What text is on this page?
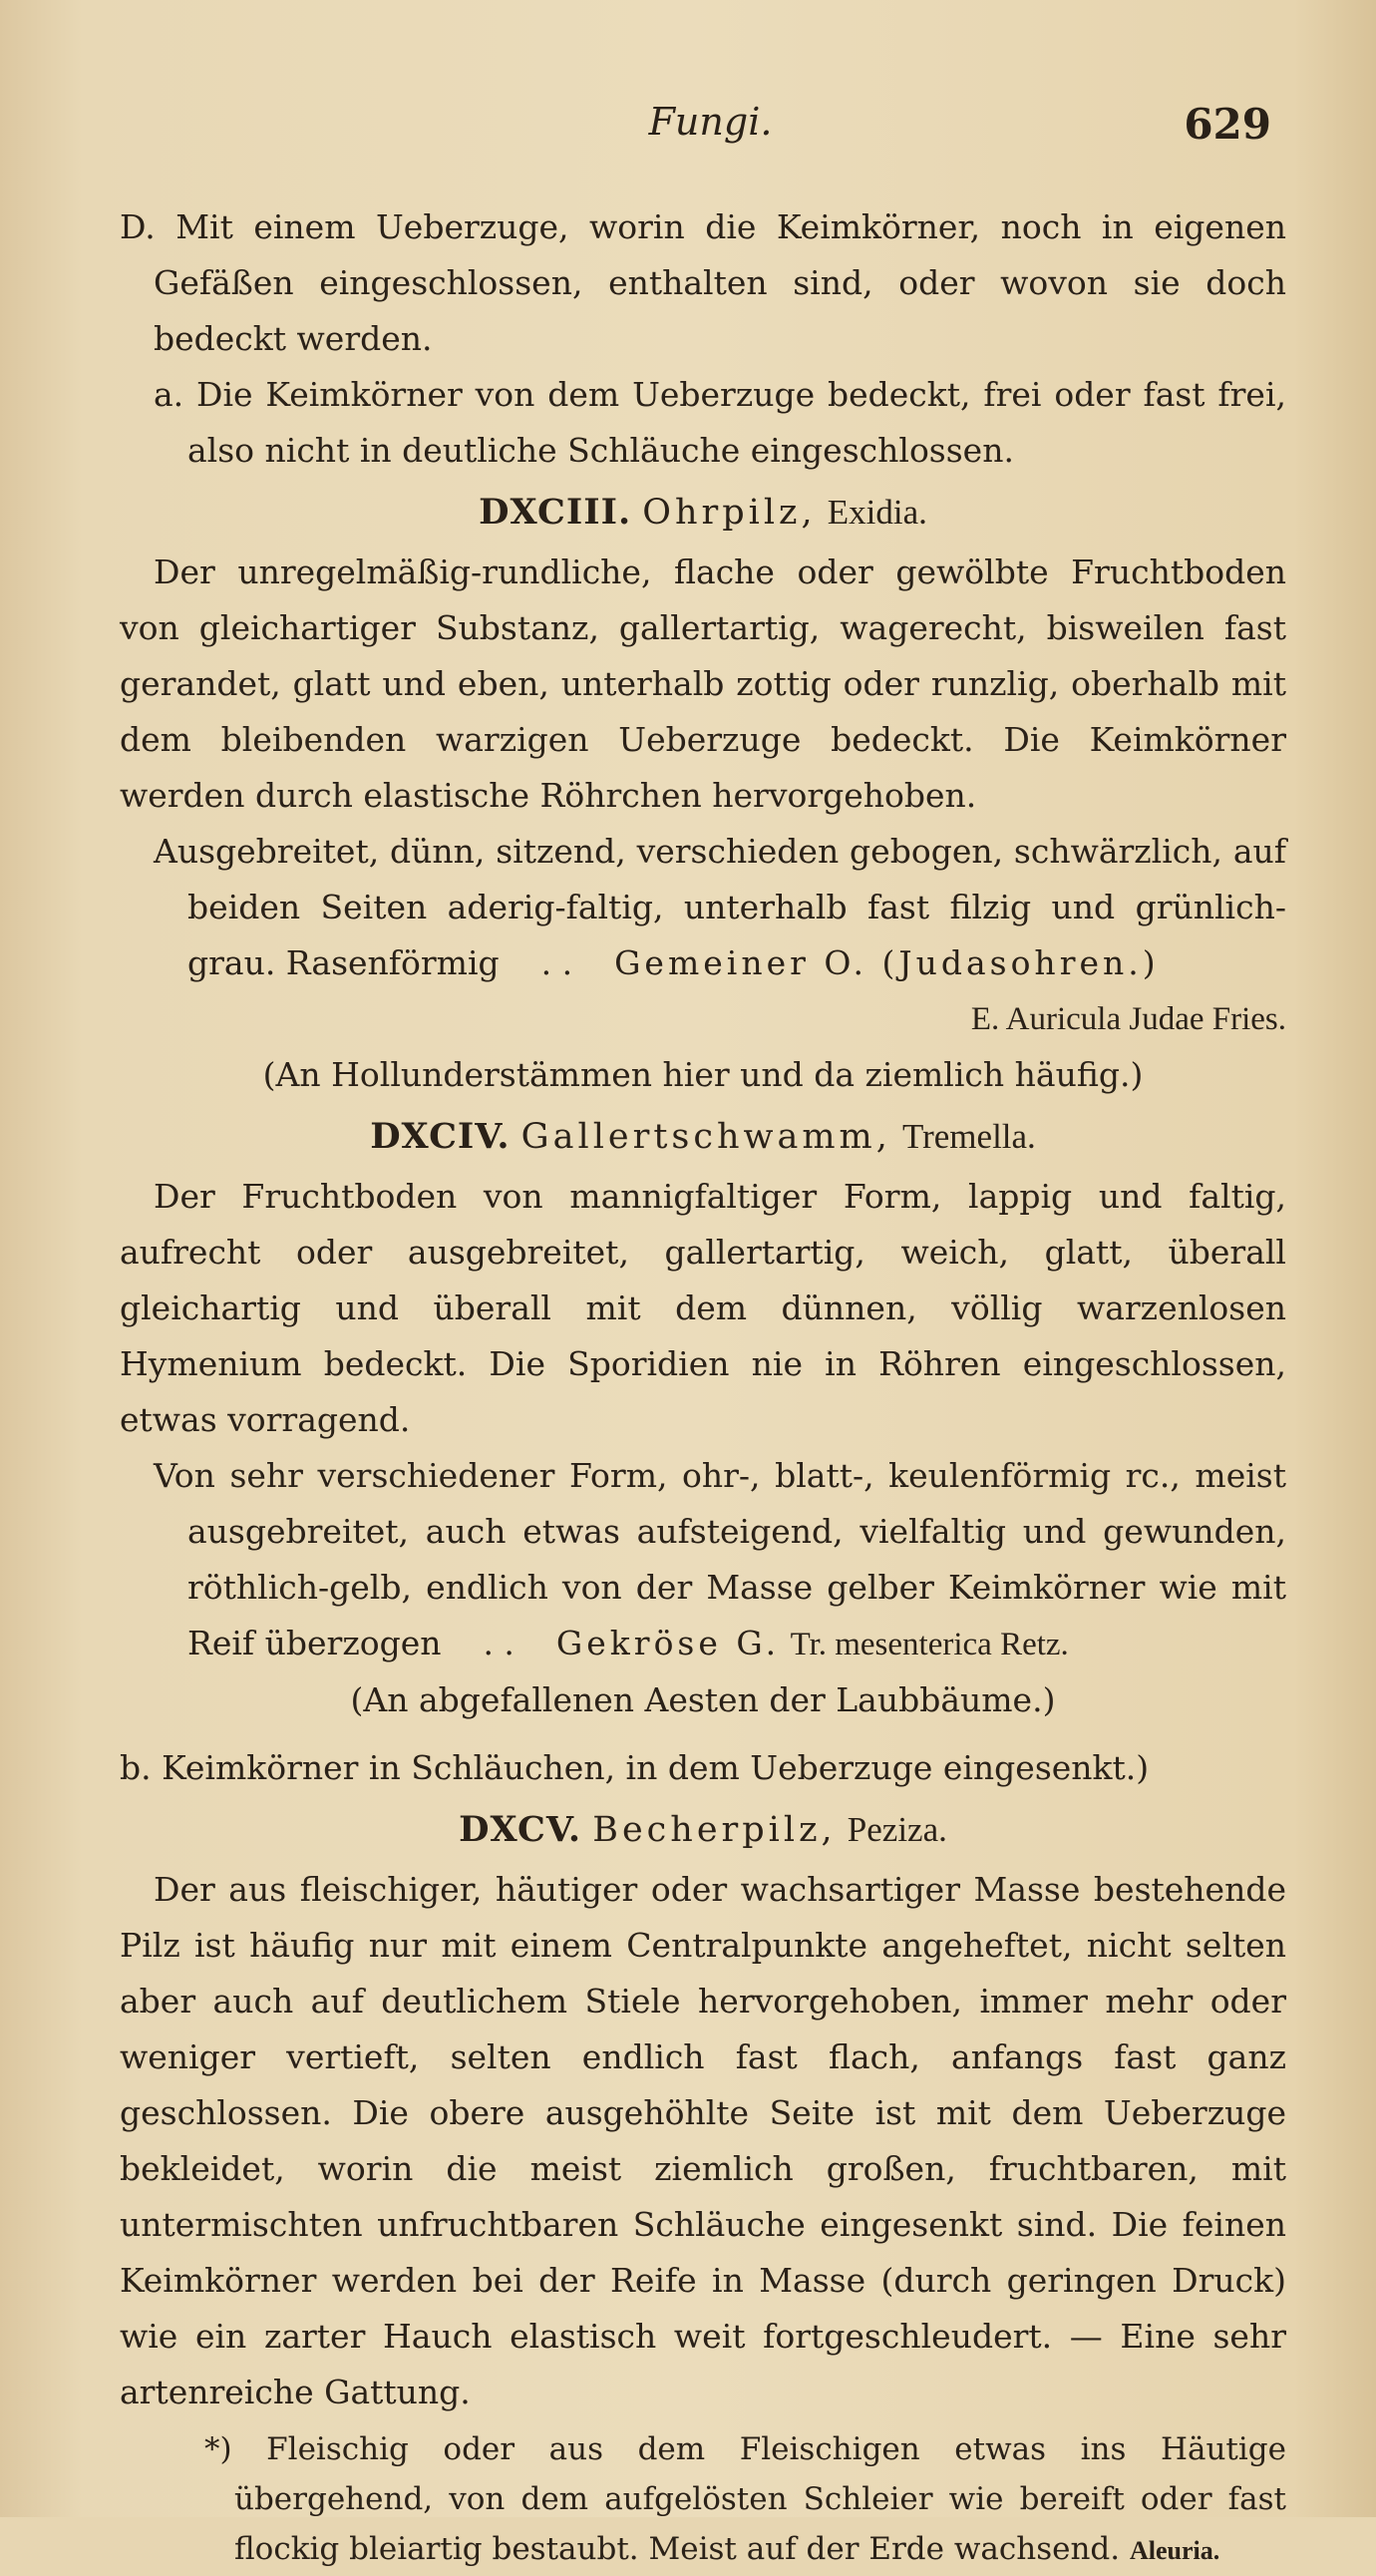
Fungi.	629

D. Mit einem Ueberzuge, worin die Keimkörner, noch in eigenen Gefäßen eingeschlossen, enthalten sind, oder wovon sie doch bedeckt werden.

a. Die Keimkörner von dem Ueberzuge bedeckt, frei oder fast frei, also nicht in deutliche Schläuche eingeschlossen.

DXCIII. Ohrpilz, Exidia.

Der unregelmäßig-rundliche, flache oder gewölbte Fruchtboden von gleichartiger Substanz, gallertartig, wagerecht, bisweilen fast gerandet, glatt und eben, unterhalb zottig oder runzlig, oberhalb mit dem bleibenden warzigen Ueberzuge bedeckt. Die Keimkörner werden durch elastische Röhrchen hervorgehoben.

Ausgebreitet, dünn, sitzend, verschieden gebogen, schwärzlich, auf beiden Seiten aderig-faltig, unterhalb fast filzig und grünlich-grau. Rasenförmig . . Gemeiner O. (Judasohren.)

E. Auricula Judae Fries.

(An Hollunderstämmen hier und da ziemlich häufig.)

DXCIV. Gallertschwamm, Tremella.

Der Fruchtboden von mannigfaltiger Form, lappig und faltig, aufrecht oder ausgebreitet, gallertartig, weich, glatt, überall gleichartig und überall mit dem dünnen, völlig warzenlosen Hymenium bedeckt. Die Sporidien nie in Röhren eingeschlossen, etwas vorragend.

Von sehr verschiedener Form, ohr-, blatt-, keulenförmig rc., meist ausgebreitet, auch etwas aufsteigend, vielfaltig und gewunden, röthlich-gelb, endlich von der Masse gelber Keimkörner wie mit Reif überzogen . . Gekröse G. Tr. mesenterica Retz.

(An abgefallenen Aesten der Laubbäume.)

b. Keimkörner in Schläuchen, in dem Ueberzuge eingesenkt.)

DXCV. Becherpilz, Peziza.

Der aus fleischiger, häutiger oder wachsartiger Masse bestehende Pilz ist häufig nur mit einem Centralpunkte angeheftet, nicht selten aber auch auf deutlichem Stiele hervorgehoben, immer mehr oder weniger vertieft, selten endlich fast flach, anfangs fast ganz geschlossen. Die obere ausgehöhlte Seite ist mit dem Ueberzuge bekleidet, worin die meist ziemlich großen, fruchtbaren, mit untermischten unfruchtbaren Schläuche eingesenkt sind. Die feinen Keimkörner werden bei der Reife in Masse (durch geringen Druck) wie ein zarter Hauch elastisch weit fortgeschleudert. — Eine sehr artenreiche Gattung.

*) Fleischig oder aus dem Fleischigen etwas ins Häutige übergehend, von dem aufgelösten Schleier wie bereift oder fast flockig bleiartig bestaubt. Meist auf der Erde wachsend. Aleuria.
